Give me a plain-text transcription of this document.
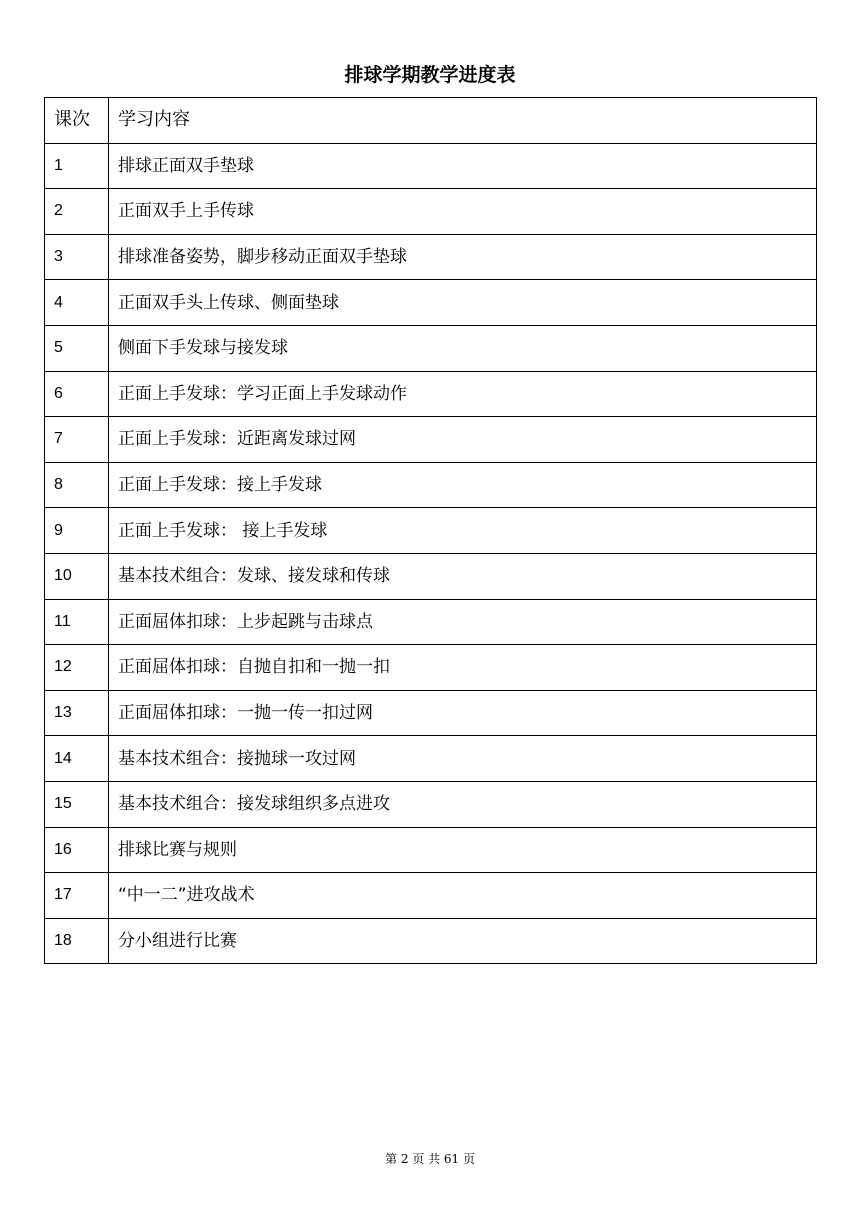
排球学期教学进度表
课次	学习内容
1	排球正面双手垫球
2	正面双手上手传球
3	排球准备姿势，脚步移动正面双手垫球
4	正面双手头上传球、侧面垫球
5	侧面下手发球与接发球
6	正面上手发球：学习正面上手发球动作
7	正面上手发球：近距离发球过网
8	正面上手发球：接上手发球
9	正面上手发球： 接上手发球
10	基本技术组合：发球、接发球和传球
11	正面屈体扣球：上步起跳与击球点
12	正面屈体扣球：自抛自扣和一抛一扣
13	正面屈体扣球：一抛一传一扣过网
14	基本技术组合：接抛球一攻过网
15	基本技术组合：接发球组织多点进攻
16	排球比赛与规则
17	“中一二”进攻战术
18	分小组进行比赛
第 2 页 共 61 页
